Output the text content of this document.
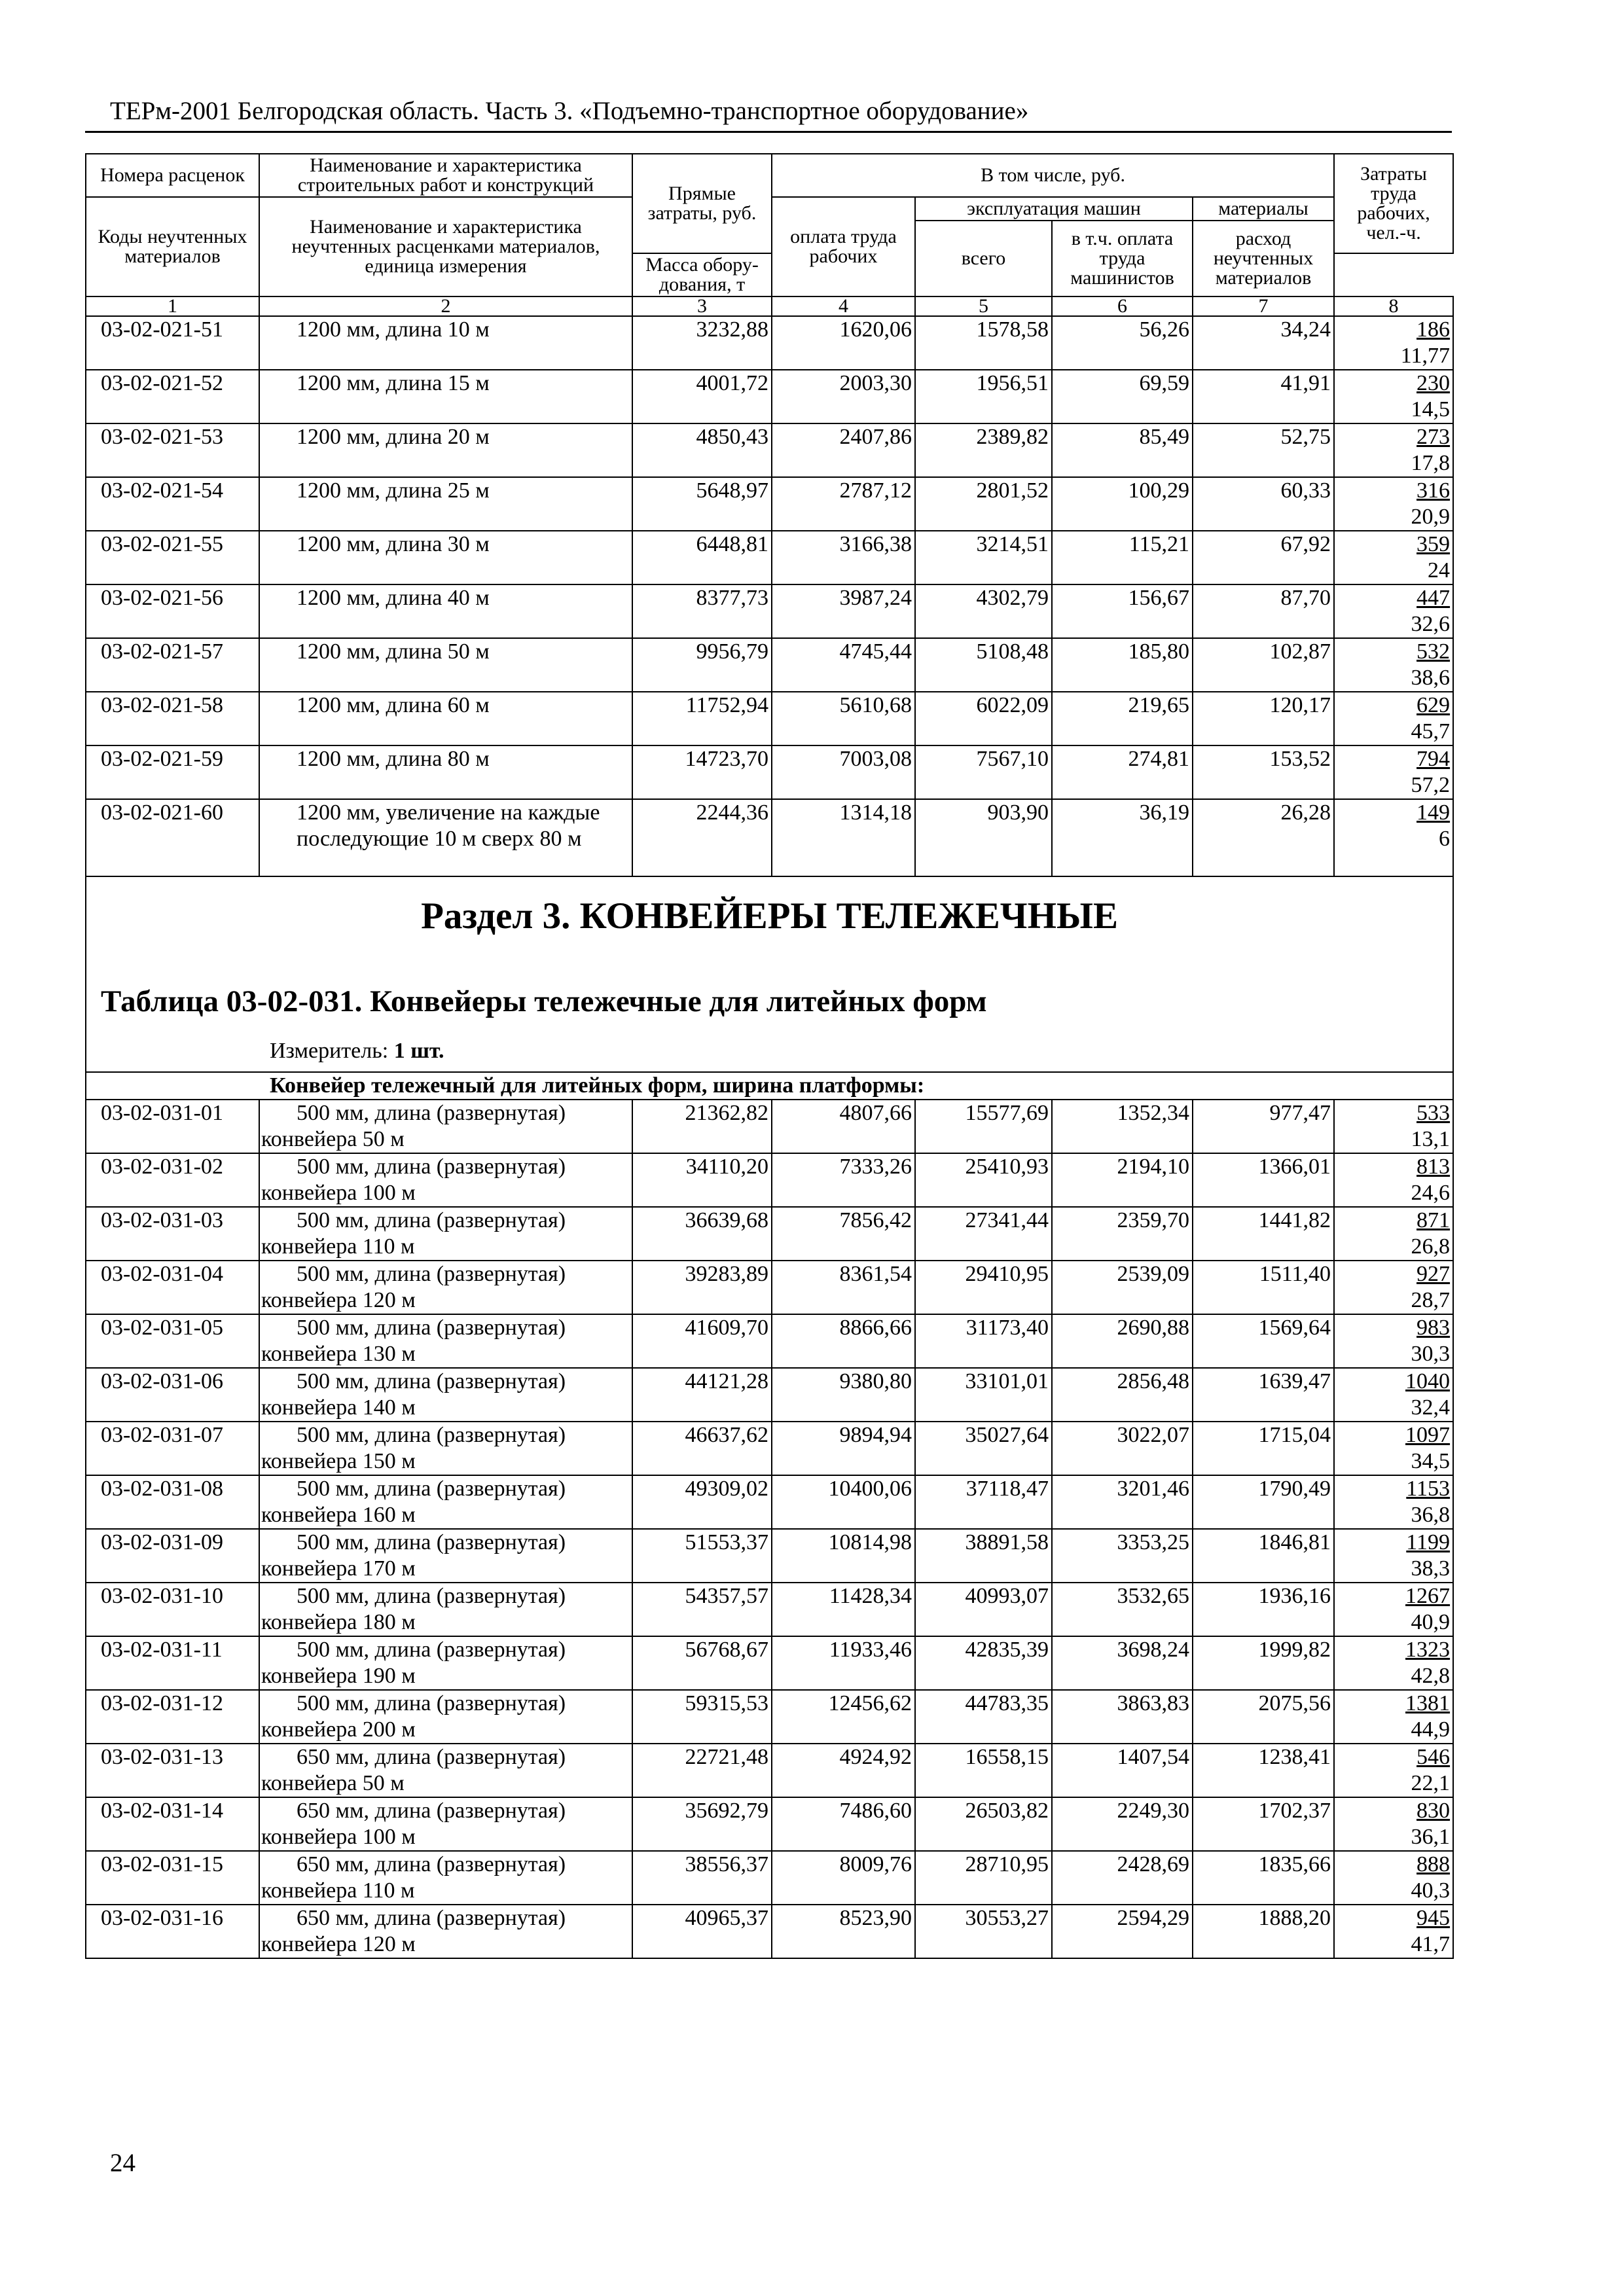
ТЕРм-2001 Белгородская область. Часть 3. «Подъемно-транспортное оборудование»
Номера расценок	Наименование и характеристика строительных работ и конструкций	Прямые затраты, руб.	В том числе, руб.				Затраты труда рабочих, чел.-ч.
Коды неучтенных материалов	Наименование и характеристика неучтенных расценками материалов, единица измерения		оплата труда рабочих	эксплуатация машин		материалы	
				всего	в т.ч. оплата труда машинистов	расход неучтенных материалов	
		Масса обору- дования, т					
1	2	3	4	5	6	7	8
03-02-021-51	1200 мм, длина 10 м	3232,88	1620,06	1578,58	56,26	34,24	186
11,77

03-02-021-52	1200 мм, длина 15 м	4001,72	2003,30	1956,51	69,59	41,91	230
14,5

03-02-021-53	1200 мм, длина 20 м	4850,43	2407,86	2389,82	85,49	52,75	273
17,8

03-02-021-54	1200 мм, длина 25 м	5648,97	2787,12	2801,52	100,29	60,33	316
20,9

03-02-021-55	1200 мм, длина 30 м	6448,81	3166,38	3214,51	115,21	67,92	359
24

03-02-021-56	1200 мм, длина 40 м	8377,73	3987,24	4302,79	156,67	87,70	447
32,6

03-02-021-57	1200 мм, длина 50 м	9956,79	4745,44	5108,48	185,80	102,87	532
38,6

03-02-021-58	1200 мм, длина 60 м	11752,94	5610,68	6022,09	219,65	120,17	629
45,7

03-02-021-59	1200 мм, длина 80 м	14723,70	7003,08	7567,10	274,81	153,52	794
57,2

03-02-021-60	1200 мм, увеличение на каждые последующие 10 м сверх 80 м	2244,36	1314,18	903,90	36,19	26,28	149
6

Раздел 3. КОНВЕЙЕРЫ ТЕЛЕЖЕЧНЫЕ
Таблица 03-02-031. Конвейеры тележечные для литейных форм
Измеритель: 1 шт.							

Конвейер тележечный для литейных форм, ширина платформы:							
03-02-031-01	500 мм, длина (развернутая) конвейера 50 м	21362,82	4807,66	15577,69	1352,34	977,47	533
13,1

03-02-031-02	500 мм, длина (развернутая) конвейера 100 м	34110,20	7333,26	25410,93	2194,10	1366,01	813
24,6

03-02-031-03	500 мм, длина (развернутая) конвейера 110 м	36639,68	7856,42	27341,44	2359,70	1441,82	871
26,8

03-02-031-04	500 мм, длина (развернутая) конвейера 120 м	39283,89	8361,54	29410,95	2539,09	1511,40	927
28,7

03-02-031-05	500 мм, длина (развернутая) конвейера 130 м	41609,70	8866,66	31173,40	2690,88	1569,64	983
30,3

03-02-031-06	500 мм, длина (развернутая) конвейера 140 м	44121,28	9380,80	33101,01	2856,48	1639,47	1040
32,4

03-02-031-07	500 мм, длина (развернутая) конвейера 150 м	46637,62	9894,94	35027,64	3022,07	1715,04	1097
34,5

03-02-031-08	500 мм, длина (развернутая) конвейера 160 м	49309,02	10400,06	37118,47	3201,46	1790,49	1153
36,8

03-02-031-09	500 мм, длина (развернутая) конвейера 170 м	51553,37	10814,98	38891,58	3353,25	1846,81	1199
38,3

03-02-031-10	500 мм, длина (развернутая) конвейера 180 м	54357,57	11428,34	40993,07	3532,65	1936,16	1267
40,9

03-02-031-11	500 мм, длина (развернутая) конвейера 190 м	56768,67	11933,46	42835,39	3698,24	1999,82	1323
42,8

03-02-031-12	500 мм, длина (развернутая) конвейера 200 м	59315,53	12456,62	44783,35	3863,83	2075,56	1381
44,9

03-02-031-13	650 мм, длина (развернутая) конвейера 50 м	22721,48	4924,92	16558,15	1407,54	1238,41	546
22,1

03-02-031-14	650 мм, длина (развернутая) конвейера 100 м	35692,79	7486,60	26503,82	2249,30	1702,37	830
36,1

03-02-031-15	650 мм, длина (развернутая) конвейера 110 м	38556,37	8009,76	28710,95	2428,69	1835,66	888
40,3

03-02-031-16	650 мм, длина (развернутая) конвейера 120 м	40965,37	8523,90	30553,27	2594,29	1888,20	945
41,7
24
